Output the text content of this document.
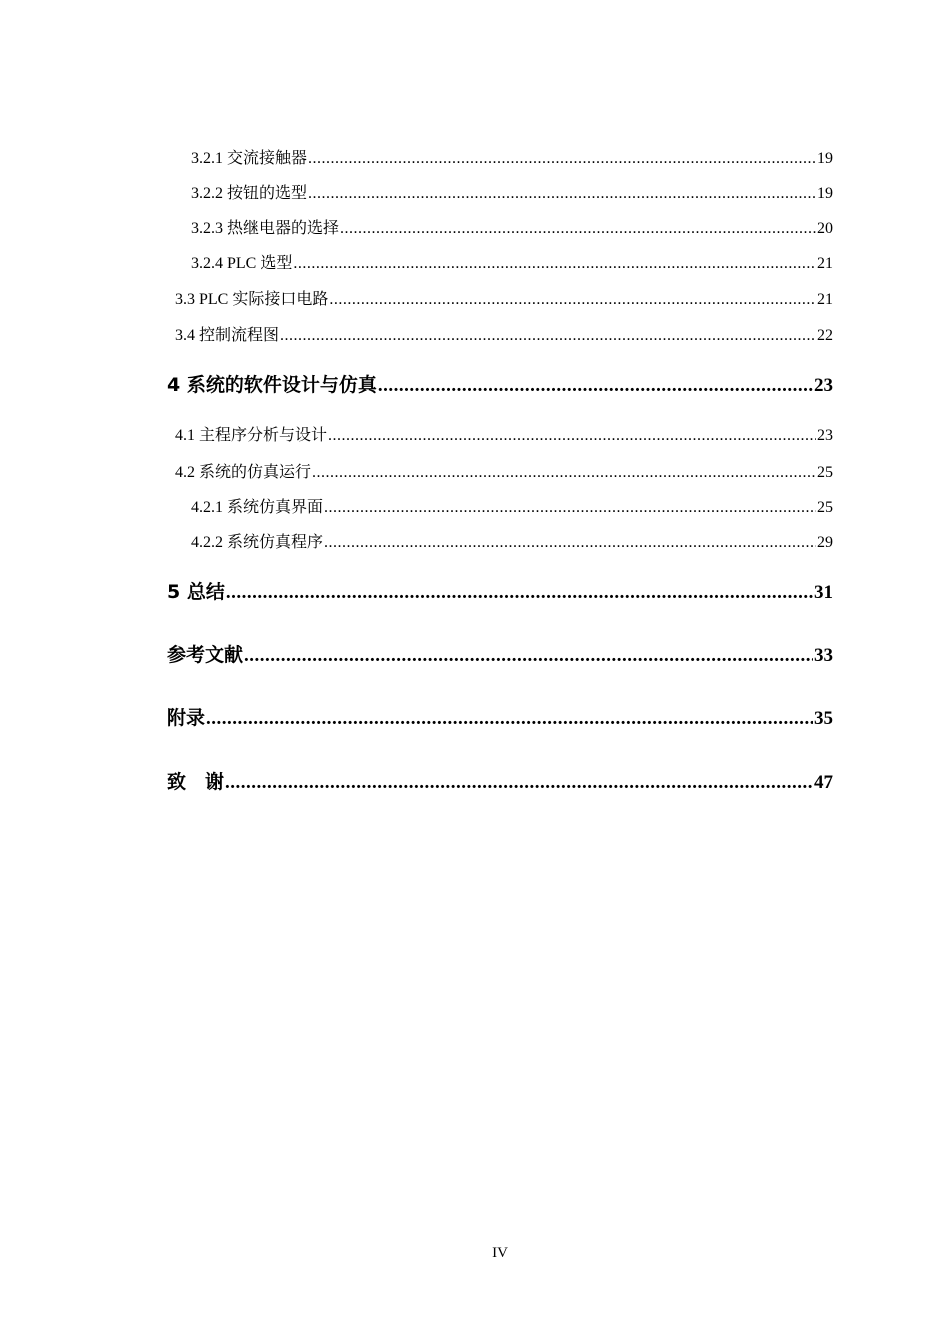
3.2.1 交流接触器 .....	19
3.2.2 按钮的选型 .....	19
3.2.3 热继电器的选择 .....	20
3.2.4 PLC 选型 .....	21
3.3 PLC 实际接口电路 .....	21
3.4 控制流程图 .....	22
4 系统的软件设计与仿真 .....	23
4.1 主程序分析与设计 .....	23
4.2 系统的仿真运行 .....	25
4.2.1 系统仿真界面 .....	25
4.2.2 系统仿真程序 .....	29
5 总结 .....	31
参考文献 .....	33
附录 .....	35
致　谢 .....	47
IV
